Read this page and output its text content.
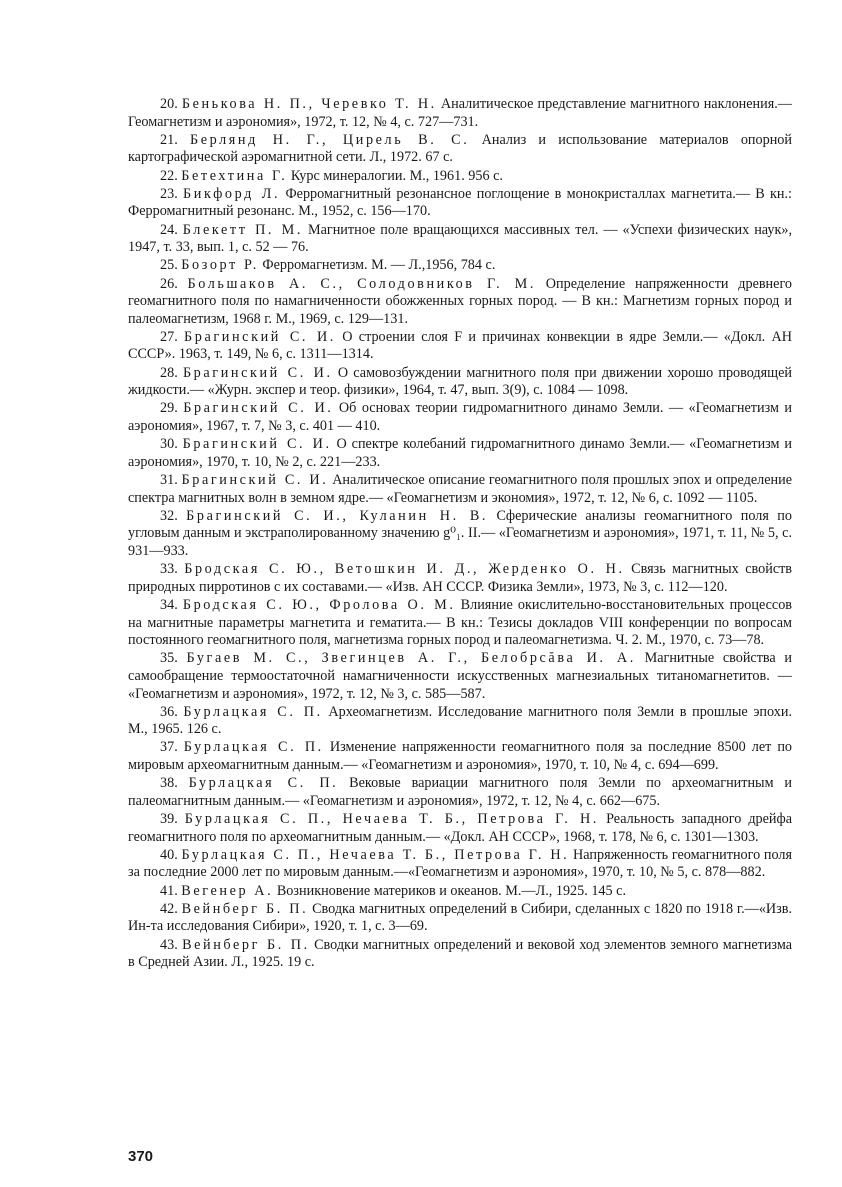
20. Бенькова Н. П., Черевко Т. Н. Аналитическое представление магнитного наклонения.— Геомагнетизм и аэрономия», 1972, т. 12, № 4, с. 727—731.

21. Берлянд Н. Г., Цирель В. С. Анализ и использование материалов опорной картографической аэромагнитной сети. Л., 1972. 67 с.

22. Бетехтина Г. Курс минералогии. М., 1961. 956 с.

23. Бикфорд Л. Ферромагнитный резонансное поглощение в монокристаллах магнетита.— В кн.: Ферромагнитный резонанс. М., 1952, с. 156—170.

24. Блекетт П. М. Магнитное поле вращающихся массивных тел. — «Успехи физических наук», 1947, т. 33, вып. 1, с. 52 — 76.

25. Бозорт Р. Ферромагнетизм. М. — Л.,1956, 784 с.

26. Большаков А. С., Солодовников Г. М. Определение напряженности древнего геомагнитного поля по намагниченности обожженных горных пород. — В кн.: Магнетизм горных пород и палеомагнетизм, 1968 г. М., 1969, с. 129—131.

27. Брагинский С. И. О строении слоя F и причинах конвекции в ядре Земли.— «Докл. АН СССР». 1963, т. 149, № 6, с. 1311—1314.

28. Брагинский С. И. О самовозбуждении магнитного поля при движении хорошо проводящей жидкости.— «Журн. экспер и теор. физики», 1964, т. 47, вып. 3(9), с. 1084 — 1098.

29. Брагинский С. И. Об основах теории гидромагнитного динамо Земли. — «Геомагнетизм и аэрономия», 1967, т. 7, № 3, с. 401 — 410.

30. Брагинский С. И. О спектре колебаний гидромагнитного динамо Земли.— «Геомагнетизм и аэрономия», 1970, т. 10, № 2, с. 221—233.

31. Брагинский С. И. Аналитическое описание геомагнитного поля прошлых эпох и определение спектра магнитных волн в земном ядре.— «Геомагнетизм и экономия», 1972, т. 12, № 6, с. 1092 — 1105.

32. Брагинский С. И., Куланин Н. В. Сферические анализы геомагнитного поля по угловым данным и экстраполированному значению g⁰₁. II.— «Геомагнетизм и аэрономия», 1971, т. 11, № 5, с. 931—933.

33. Бродская С. Ю., Ветошкин И. Д., Жерденко О. Н. Связь магнитных свойств природных пирротинов с их составами.— «Изв. АН СССР. Физика Земли», 1973, № 3, с. 112—120.

34. Бродская С. Ю., Фролова О. М. Влияние окислительно-восстановительных процессов на магнитные параметры магнетита и гематита.— В кн.: Тезисы докладов VIII конференции по вопросам постоянного геомагнитного поля, магнетизма горных пород и палеомагнетизма. Ч. 2. М., 1970, с. 73—78.

35. Бугаев М. С., Звегинцев А. Г., Белобрcăва И. А. Магнитные свойства и самообращение термоостаточной намагниченности искусственных магнезиальных титаномагнетитов. — «Геомагнетизм и аэрономия», 1972, т. 12, № 3, с. 585—587.

36. Бурлацкая С. П. Археомагнетизм. Исследование магнитного поля Земли в прошлые эпохи. М., 1965. 126 с.

37. Бурлацкая С. П. Изменение напряженности геомагнитного поля за последние 8500 лет по мировым археомагнитным данным.— «Геомагнетизм и аэрономия», 1970, т. 10, № 4, с. 694—699.

38. Бурлацкая С. П. Вековые вариации магнитного поля Земли по археомагнитным и палеомагнитным данным.— «Геомагнетизм и аэрономия», 1972, т. 12, № 4, с. 662—675.

39. Бурлацкая С. П., Нечаева Т. Б., Петрова Г. Н. Реальность западного дрейфа геомагнитного поля по археомагнитным данным.— «Докл. АН СССР», 1968, т. 178, № 6, с. 1301—1303.

40. Бурлацкая С. П., Нечаева Т. Б., Петрова Г. Н. Напряженность геомагнитного поля за последние 2000 лет по мировым данным.—«Геомагнетизм и аэрономия», 1970, т. 10, № 5, с. 878—882.

41. Вегенер А. Возникновение материков и океанов. М.—Л., 1925. 145 с.

42. Вейнберг Б. П. Сводка магнитных определений в Сибири, сделанных с 1820 по 1918 г.—«Изв. Ин-та исследования Сибири», 1920, т. 1, с. 3—69.

43. Вейнберг Б. П. Сводки магнитных определений и вековой ход элементов земного магнетизма в Средней Азии. Л., 1925. 19 с.

370
